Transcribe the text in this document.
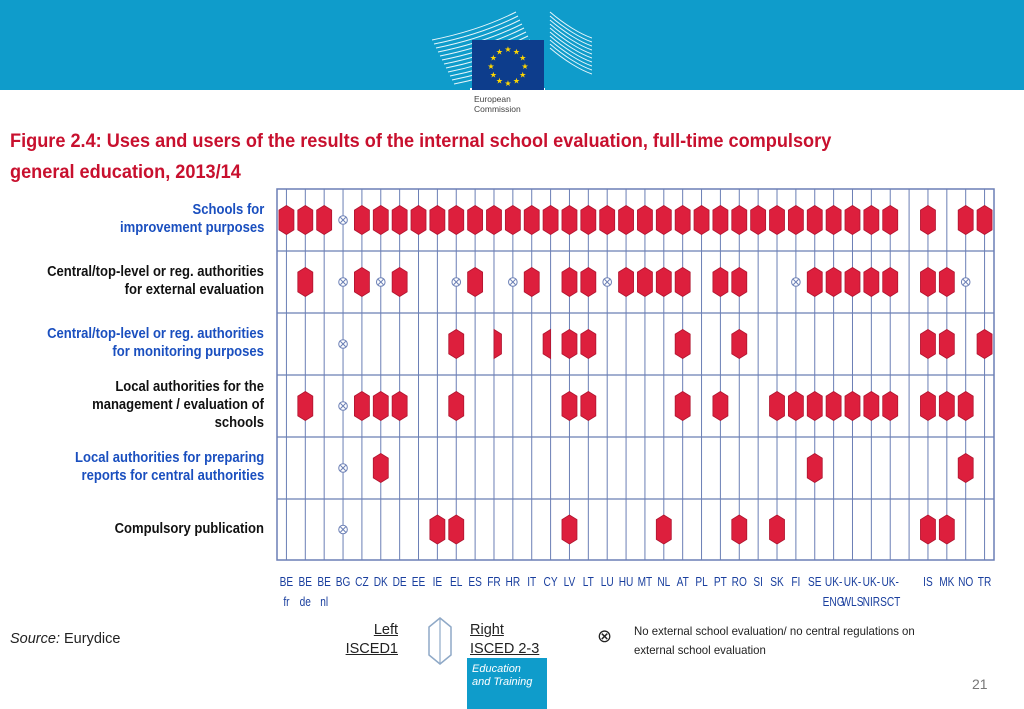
★ ★
★
★
★
★
★
★
★
★
★
★
European
Commission
Figure 2.4: Uses and users of the results of the internal school evaluation, full-time compulsory
general education, 2013/14
Schools for
improvement purposes
Central/top-level or reg. authorities
for external evaluation
Central/top-level or reg. authorities
for monitoring purposes
Local authorities for the
management / evaluation of
schools
Local authorities for preparing
reports for central authorities
Compulsory publication
BE
fr
BE
de
BE
nl
BG CZ DK DE EE IE EL ES FR HR IT CY LV LT LU HU MT NL AT PL PT RO SI SK FI SE UK-
ENG
UK-
WLS
UK-
NIR
UK-
SCT
IS MK NO TR
Source: Eurydice
Left
ISCED1
Right
ISCED 2-3
⊗ No external school evaluation/ no central regulations on
external school evaluation
Education
and Training	21
